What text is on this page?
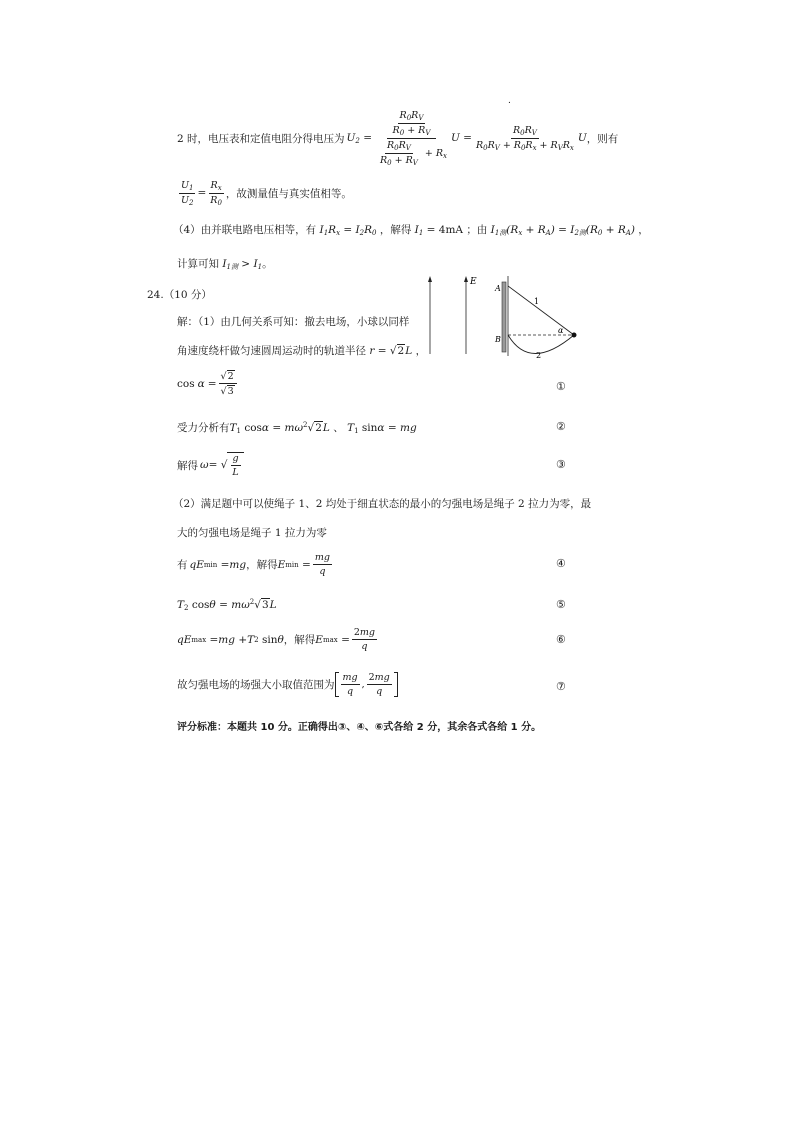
.
2 时，电压表和定值电阻分得电压为 $U_2 = \frac{\frac{R_0R_V}{R_0 + R_V}}{\frac{R_0R_V}{R_0 + R_V} + R_x}$ $U = \frac{R_0R_V}{R_0R_V + R_0R_x + R_VR_x}$ U ，则有
$\frac{U_1}{U_2} = \frac{R_x}{R_0}$ ，故测量值与真实值相等。
（4）由并联电路电压相等，有 $I_1R_x = I_2R_0$ ，解得 $I_1 = 4mA$ ；由 $I_{1测}(R_x + R_A) = I_{2测}(R_0 + R_A)$ ，
计算可知 $I_{1测} > I_1$。
24.（10 分）
解：（1）由几何关系可知：撤去电场，小球以同样
角速度绕杆做匀速圆周运动时的轨道半径 r = √2L ，
E
A
B
1
2
α
$\cos \alpha = \frac{√2}{√3}$	①
受力分析有$T_1$ $\cos\alpha = m\omega^2√2L$ 、 $T_1$ sinα = mg	②
解得 ω = √ $\frac{g}{L}$	③
（2）满足题中可以使绳子 1、2 均处于细直状态的最小的匀强电场是绳子 2 拉力为零，最
大的匀强电场是绳子 1 拉力为零
有 qE min = mg ，解得 E $\min = \frac{mg}{q}$	④
$T_2$ $\cos\theta = m\omega^2√3L$	⑤
qE max = mg + T 2 sin θ ，解得 E $\max = \frac{2mg}{q}$	⑥
故匀强电场的场强大小取值范围为 $\frac{mg}{q}$ , $\frac{2mg}{q}$	⑦
评分标准：本题共 10 分。正确得出③、④、⑥式各给 2 分，其余各式各给 1 分。
